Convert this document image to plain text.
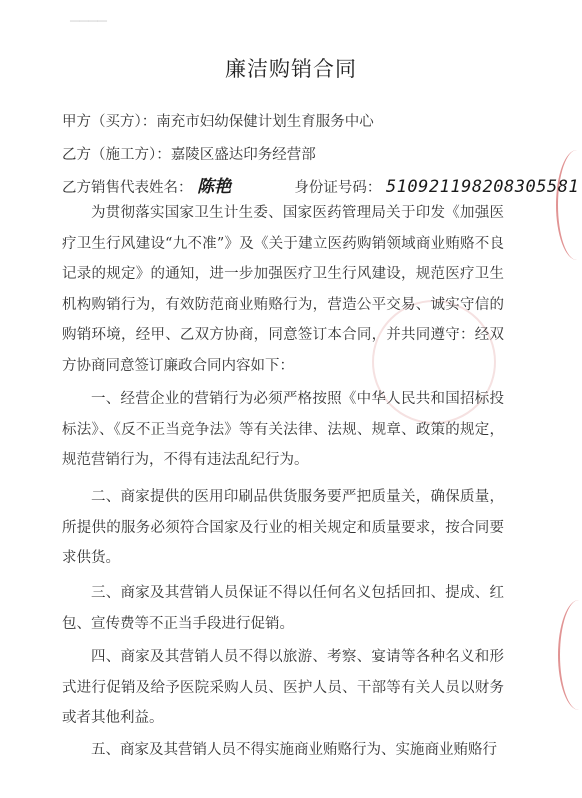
▁▁▁▁
廉洁购销合同
甲方（买方）：南充市妇幼保健计划生育服务中心
乙方（施工方）：嘉陵区盛达印务经营部
乙方销售代表姓名： 陈艳	身份证号码： 510921198208305581
为贯彻落实国家卫生计生委、国家医药管理局关于印发《加强医疗卫生行风建设“九不准”》及《关于建立医药购销领域商业贿赂不良记录的规定》的通知，进一步加强医疗卫生行风建设，规范医疗卫生机构购销行为，有效防范商业贿赂行为，营造公平交易、诚实守信的购销环境，经甲、乙双方协商，同意签订本合同，并共同遵守：经双方协商同意签订廉政合同内容如下：
一、经营企业的营销行为必须严格按照《中华人民共和国招标投标法》、《反不正当竞争法》等有关法律、法规、规章、政策的规定，规范营销行为，不得有违法乱纪行为。
二、商家提供的医用印刷品供货服务要严把质量关，确保质量，所提供的服务必须符合国家及行业的相关规定和质量要求，按合同要求供货。
三、商家及其营销人员保证不得以任何名义包括回扣、提成、红包、宣传费等不正当手段进行促销。
四、商家及其营销人员不得以旅游、考察、宴请等各种名义和形式进行促销及给予医院采购人员、医护人员、干部等有关人员以财务或者其他利益。
五、商家及其营销人员不得实施商业贿赂行为、实施商业贿赂行
